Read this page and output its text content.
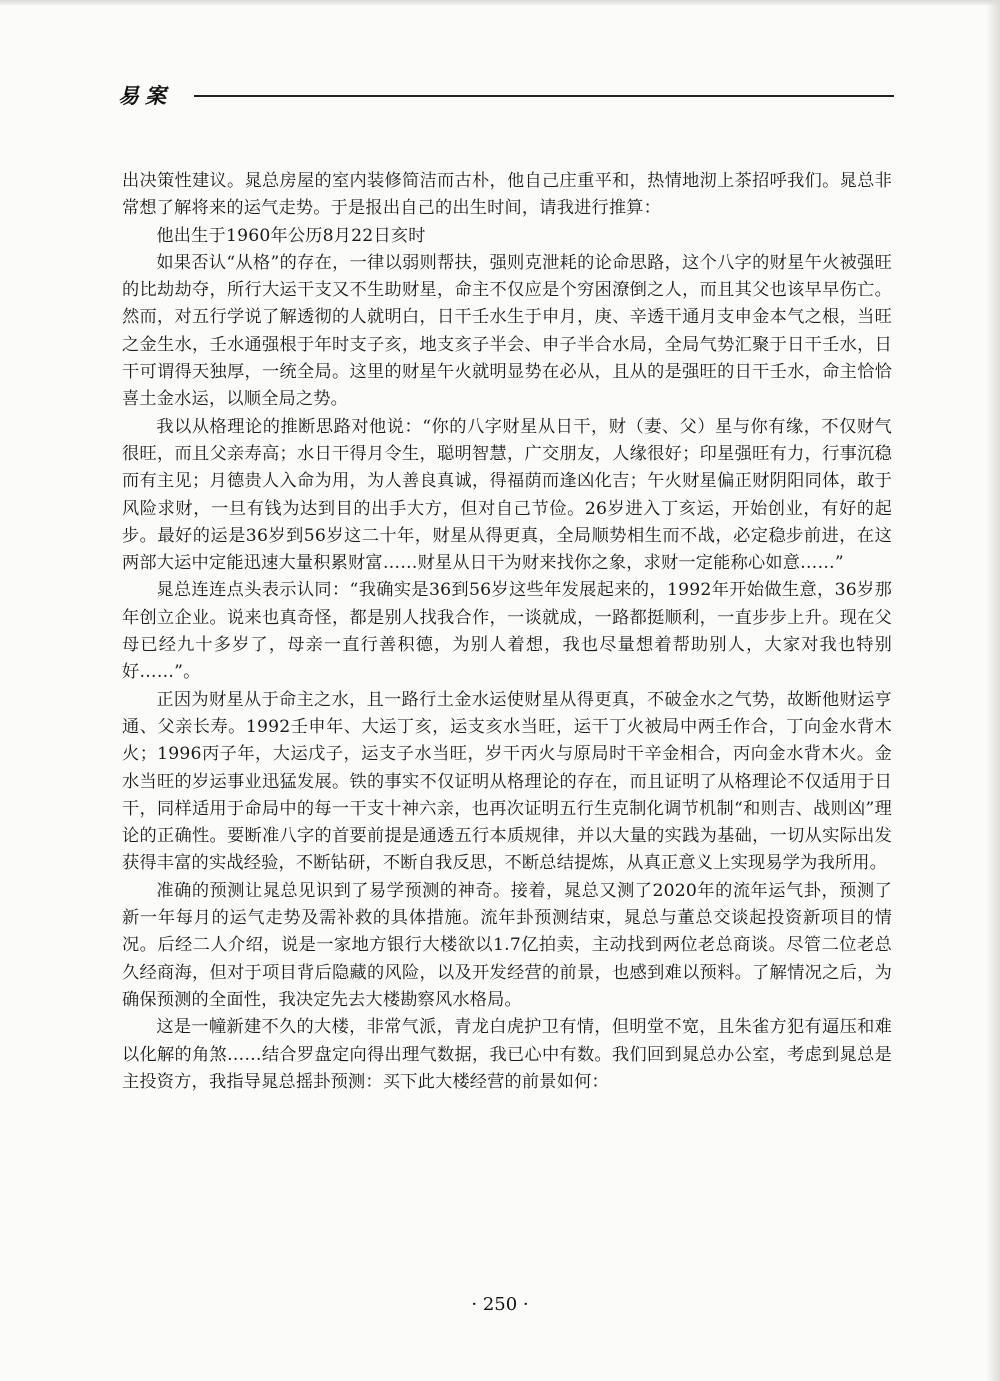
易案

出决策性建议。晁总房屋的室内装修简洁而古朴，他自己庄重平和，热情地沏上茶招呼我们。晁总非常想了解将来的运气走势。于是报出自己的出生时间，请我进行推算：

他出生于1960年公历8月22日亥时

如果否认“从格”的存在，一律以弱则帮扶，强则克泄耗的论命思路，这个八字的财星午火被强旺的比劫劫夺，所行大运干支又不生助财星，命主不仅应是个穷困潦倒之人，而且其父也该早早伤亡。然而，对五行学说了解透彻的人就明白，日干壬水生于申月，庚、辛透干通月支申金本气之根，当旺之金生水，壬水通强根于年时支子亥，地支亥子半会、申子半合水局，全局气势汇聚于日干壬水，日干可谓得天独厚，一统全局。这里的财星午火就明显势在必从，且从的是强旺的日干壬水，命主恰恰喜土金水运，以顺全局之势。

我以从格理论的推断思路对他说：“你的八字财星从日干，财（妻、父）星与你有缘，不仅财气很旺，而且父亲寿高；水日干得月令生，聪明智慧，广交朋友，人缘很好；印星强旺有力，行事沉稳而有主见；月德贵人入命为用，为人善良真诚，得福荫而逢凶化吉；午火财星偏正财阴阳同体，敢于风险求财，一旦有钱为达到目的出手大方，但对自己节俭。26岁进入丁亥运，开始创业，有好的起步。最好的运是36岁到56岁这二十年，财星从得更真，全局顺势相生而不战，必定稳步前进，在这两部大运中定能迅速大量积累财富……财星从日干为财来找你之象，求财一定能称心如意……”

晁总连连点头表示认同：“我确实是36到56岁这些年发展起来的，1992年开始做生意，36岁那年创立企业。说来也真奇怪，都是别人找我合作，一谈就成，一路都挺顺利，一直步步上升。现在父母已经九十多岁了，母亲一直行善积德，为别人着想，我也尽量想着帮助别人，大家对我也特别好……”。

正因为财星从于命主之水，且一路行土金水运使财星从得更真，不破金水之气势，故断他财运亨通、父亲长寿。1992壬申年、大运丁亥，运支亥水当旺，运干丁火被局中两壬作合，丁向金水背木火；1996丙子年，大运戊子，运支子水当旺，岁干丙火与原局时干辛金相合，丙向金水背木火。金水当旺的岁运事业迅猛发展。铁的事实不仅证明从格理论的存在，而且证明了从格理论不仅适用于日干，同样适用于命局中的每一干支十神六亲，也再次证明五行生克制化调节机制“和则吉、战则凶”理论的正确性。要断准八字的首要前提是通透五行本质规律，并以大量的实践为基础，一切从实际出发获得丰富的实战经验，不断钻研，不断自我反思，不断总结提炼，从真正意义上实现易学为我所用。

准确的预测让晁总见识到了易学预测的神奇。接着，晁总又测了2020年的流年运气卦，预测了新一年每月的运气走势及需补救的具体措施。流年卦预测结束，晁总与董总交谈起投资新项目的情况。后经二人介绍，说是一家地方银行大楼欲以1.7亿拍卖，主动找到两位老总商谈。尽管二位老总久经商海，但对于项目背后隐藏的风险，以及开发经营的前景，也感到难以预料。了解情况之后，为确保预测的全面性，我决定先去大楼勘察风水格局。

这是一幢新建不久的大楼，非常气派，青龙白虎护卫有情，但明堂不宽，且朱雀方犯有逼压和难以化解的角煞……结合罗盘定向得出理气数据，我已心中有数。我们回到晁总办公室，考虑到晁总是主投资方，我指导晁总摇卦预测：买下此大楼经营的前景如何：

· 250 ·
